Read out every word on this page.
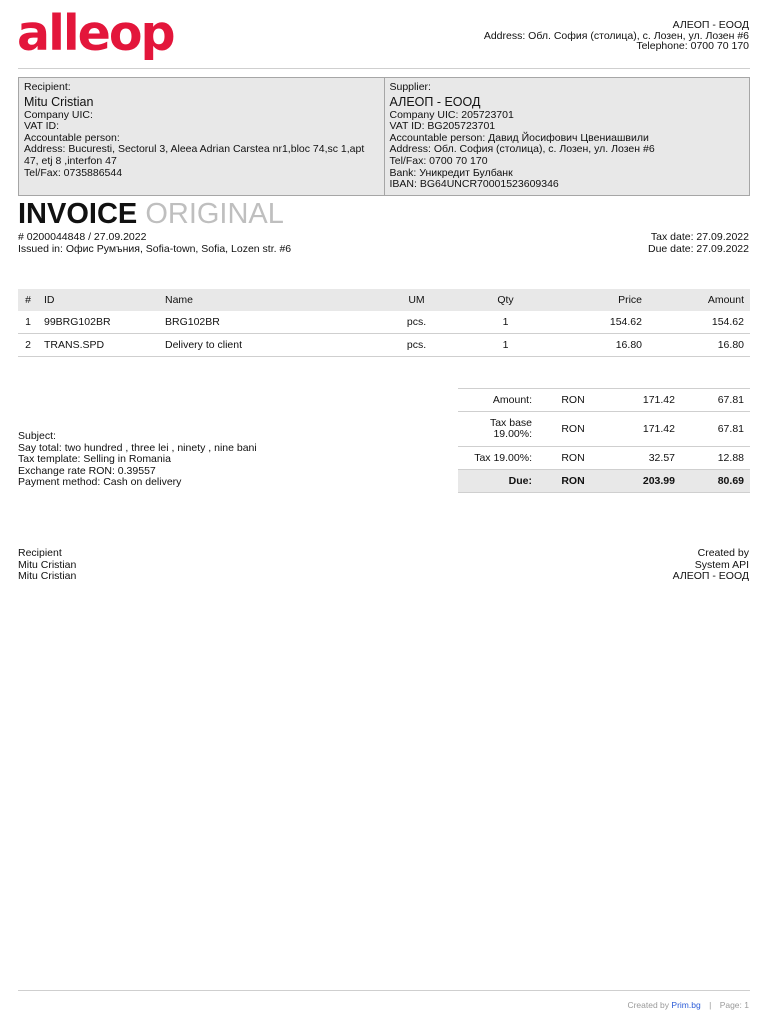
alleop	АЛЕОП - ЕООД
Address: Обл. София (столица), с. Лозен, ул. Лозен #6
Telephone: 0700 70 170
Recipient:
Mitu Cristian
Company UIC:
VAT ID:
Accountable person:
Address: Bucuresti, Sectorul 3, Aleea Adrian Carstea nr1,bloc 74,sc 1,apt 47, etj 8 ,interfon 47
Tel/Fax: 0735886544
Supplier:
АЛЕОП - ЕООД
Company UIC: 205723701
VAT ID: BG205723701
Accountable person: Давид Йосифович Цвениашвили
Address: Обл. София (столица), с. Лозен, ул. Лозен #6
Tel/Fax: 0700 70 170
Bank: Уникредит Булбанк
IBAN: BG64UNCR70001523609346
INVOICE ORIGINAL
# 0200044848 / 27.09.2022
Issued in: Офис Румъния, Sofia-town, Sofia, Lozen str. #6
Tax date: 27.09.2022
Due date: 27.09.2022
#	ID	Name	UM	Qty	Price	Amount
1	99BRG102BR	BRG102BR	pcs.	1	154.62	154.62
2	TRANS.SPD	Delivery to client	pcs.	1	16.80	16.80
Amount:	RON	171.42	67.81

Tax base
19.00%:	RON	171.42	67.81
Tax 19.00%:	RON	32.57	12.88
Due:	RON	203.99	80.69
Subject:
Say total: two hundred , three lei , ninety , nine bani
Tax template: Selling in Romania
Exchange rate RON: 0.39557
Payment method: Cash on delivery
Recipient
Mitu Cristian
Mitu Cristian
Created by
System API
АЛЕОП - ЕООД
Created by Prim.bg | Page: 1
